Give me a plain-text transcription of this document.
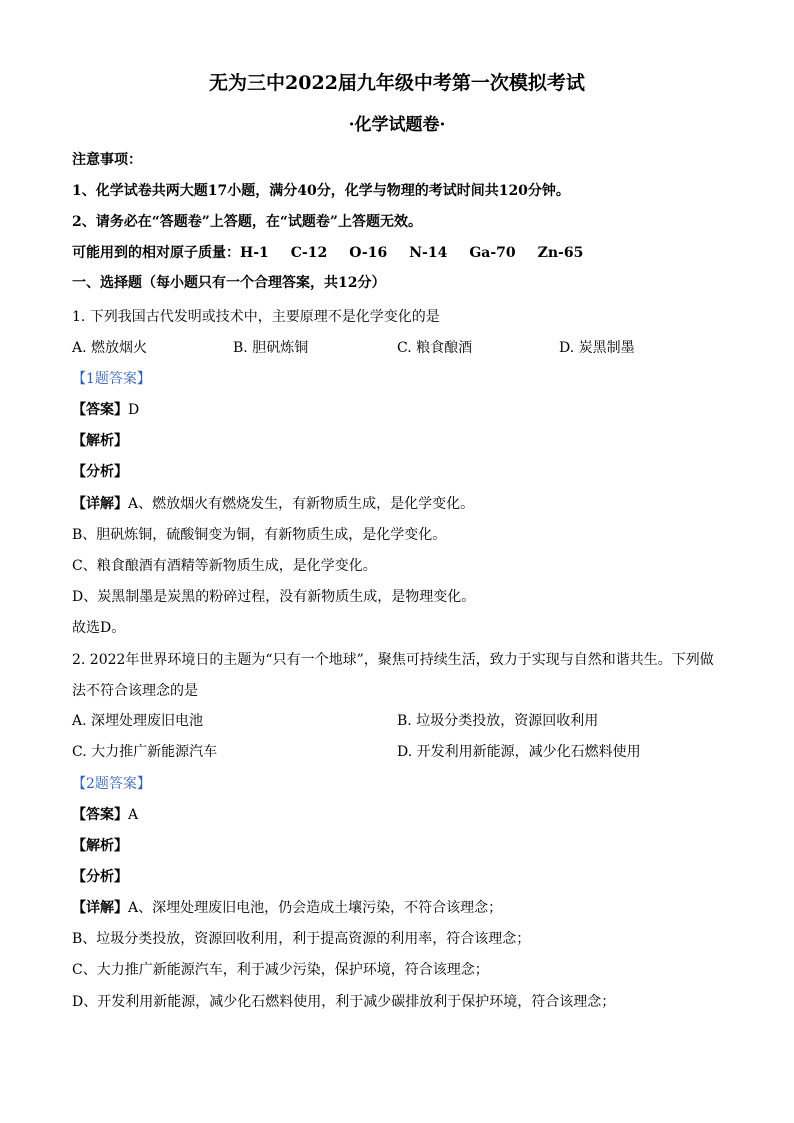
无为三中2022届九年级中考第一次模拟考试
·化学试题卷·
注意事项：
1、化学试卷共两大题17小题，满分40分，化学与物理的考试时间共120分钟。
2、请务必在“答题卷”上答题，在“试题卷”上答题无效。
可能用到的相对原子质量：H-1 C-12 O-16 N-14 Ga-70 Zn-65
一、选择题（每小题只有一个合理答案，共12分）
1. 下列我国古代发明或技术中，主要原理不是化学变化的是
A. 燃放烟火	B. 胆矾炼铜	C. 粮食酿酒	D. 炭黑制墨
【1题答案】
【答案】D
【解析】
【分析】
【详解】A、燃放烟火有燃烧发生，有新物质生成，是化学变化。
B、胆矾炼铜，硫酸铜变为铜，有新物质生成，是化学变化。
C、粮食酿酒有酒精等新物质生成，是化学变化。
D、炭黑制墨是炭黑的粉碎过程，没有新物质生成，是物理变化。
故选D。
2. 2022年世界环境日的主题为“只有一个地球”，聚焦可持续生活，致力于实现与自然和谐共生。下列做
法不符合该理念的是
A. 深埋处理废旧电池	B. 垃圾分类投放，资源回收利用
C. 大力推广新能源汽车	D. 开发利用新能源，减少化石燃料使用
【2题答案】
【答案】A
【解析】
【分析】
【详解】A、深埋处理废旧电池，仍会造成土壤污染，不符合该理念；
B、垃圾分类投放，资源回收利用，利于提高资源的利用率，符合该理念；
C、大力推广新能源汽车，利于减少污染，保护环境，符合该理念；
D、开发利用新能源，减少化石燃料使用，利于减少碳排放利于保护环境，符合该理念；
